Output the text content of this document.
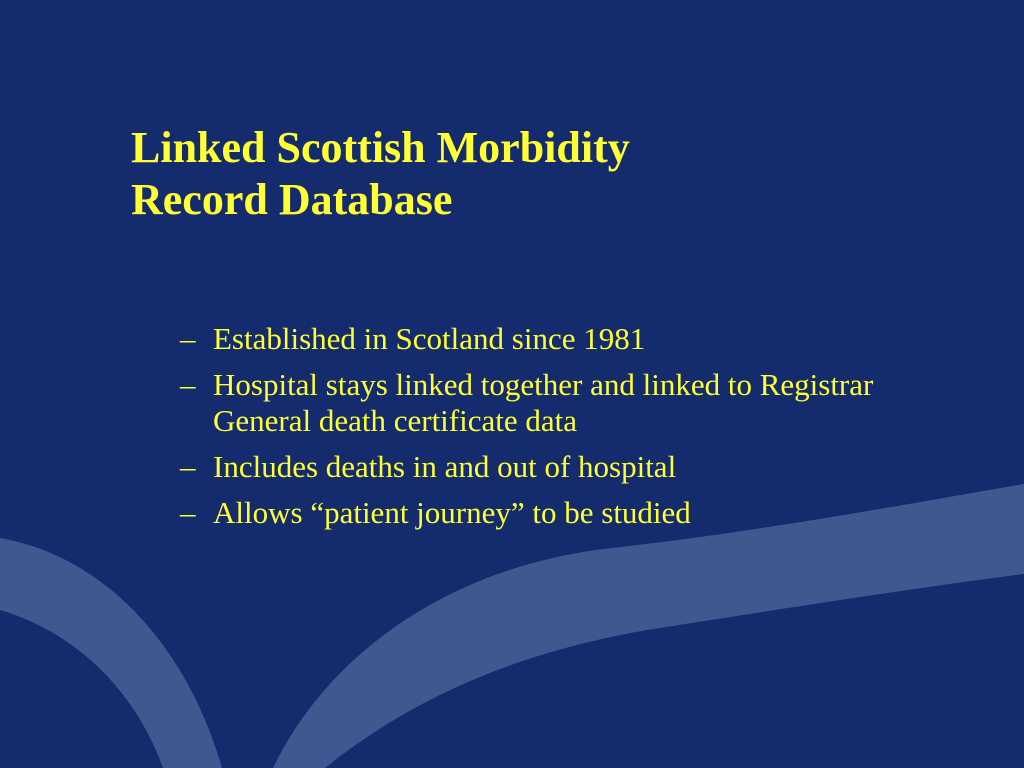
Linked Scottish Morbidity
Record Database
– Established in Scotland since 1981
– Hospital stays linked together and linked to Registrar General death certificate data
– Includes deaths in and out of hospital
– Allows “patient journey” to be studied
